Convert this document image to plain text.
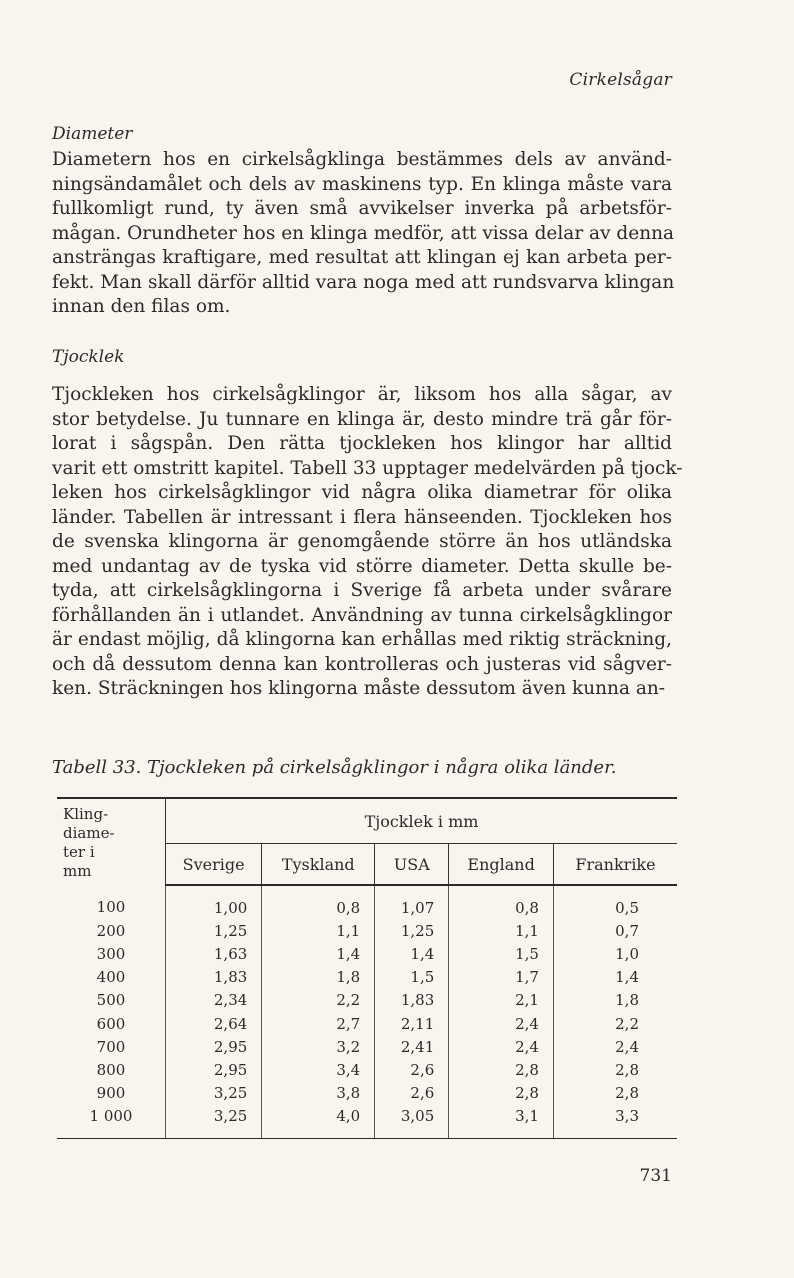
Cirkelsågar
Diameter
Diametern hos en cirkelsågklinga bestämmes dels av använd-
ningsändamålet och dels av maskinens typ. En klinga måste vara
fullkomligt rund, ty även små avvikelser inverka på arbetsför-
mågan. Orundheter hos en klinga medför, att vissa delar av denna
ansträngas kraftigare, med resultat att klingan ej kan arbeta per-
fekt. Man skall därför alltid vara noga med att rundsvarva klingan
innan den filas om.
Tjocklek
Tjockleken hos cirkelsågklingor är, liksom hos alla sågar, av
stor betydelse. Ju tunnare en klinga är, desto mindre trä går för-
lorat i sågspån. Den rätta tjockleken hos klingor har alltid
varit ett omstritt kapitel. Tabell 33 upptager medelvärden på tjock-
leken hos cirkelsågklingor vid några olika diametrar för olika
länder. Tabellen är intressant i flera hänseenden. Tjockleken hos
de svenska klingorna är genomgående större än hos utländska
med undantag av de tyska vid större diameter. Detta skulle be-
tyda, att cirkelsågklingorna i Sverige få arbeta under svårare
förhållanden än i utlandet. Användning av tunna cirkelsågklingor
är endast möjlig, då klingorna kan erhållas med riktig sträckning,
och då dessutom denna kan kontrolleras och justeras vid sågver-
ken. Sträckningen hos klingorna måste dessutom även kunna an-
Tabell 33. Tjockleken på cirkelsågklingor i några olika länder.
Kling-
diame-
ter i
mm	Tjocklek i mm				
	Sverige	Tyskland	USA	England	Frankrike
100	1,00	0,8	1,07	0,8	0,5
200	1,25	1,1	1,25	1,1	0,7
300	1,63	1,4	1,4	1,5	1,0
400	1,83	1,8	1,5	1,7	1,4
500	2,34	2,2	1,83	2,1	1,8
600	2,64	2,7	2,11	2,4	2,2
700	2,95	3,2	2,41	2,4	2,4
800	2,95	3,4	2,6	2,8	2,8
900	3,25	3,8	2,6	2,8	2,8
1 000	3,25	4,0	3,05	3,1	3,3
731
